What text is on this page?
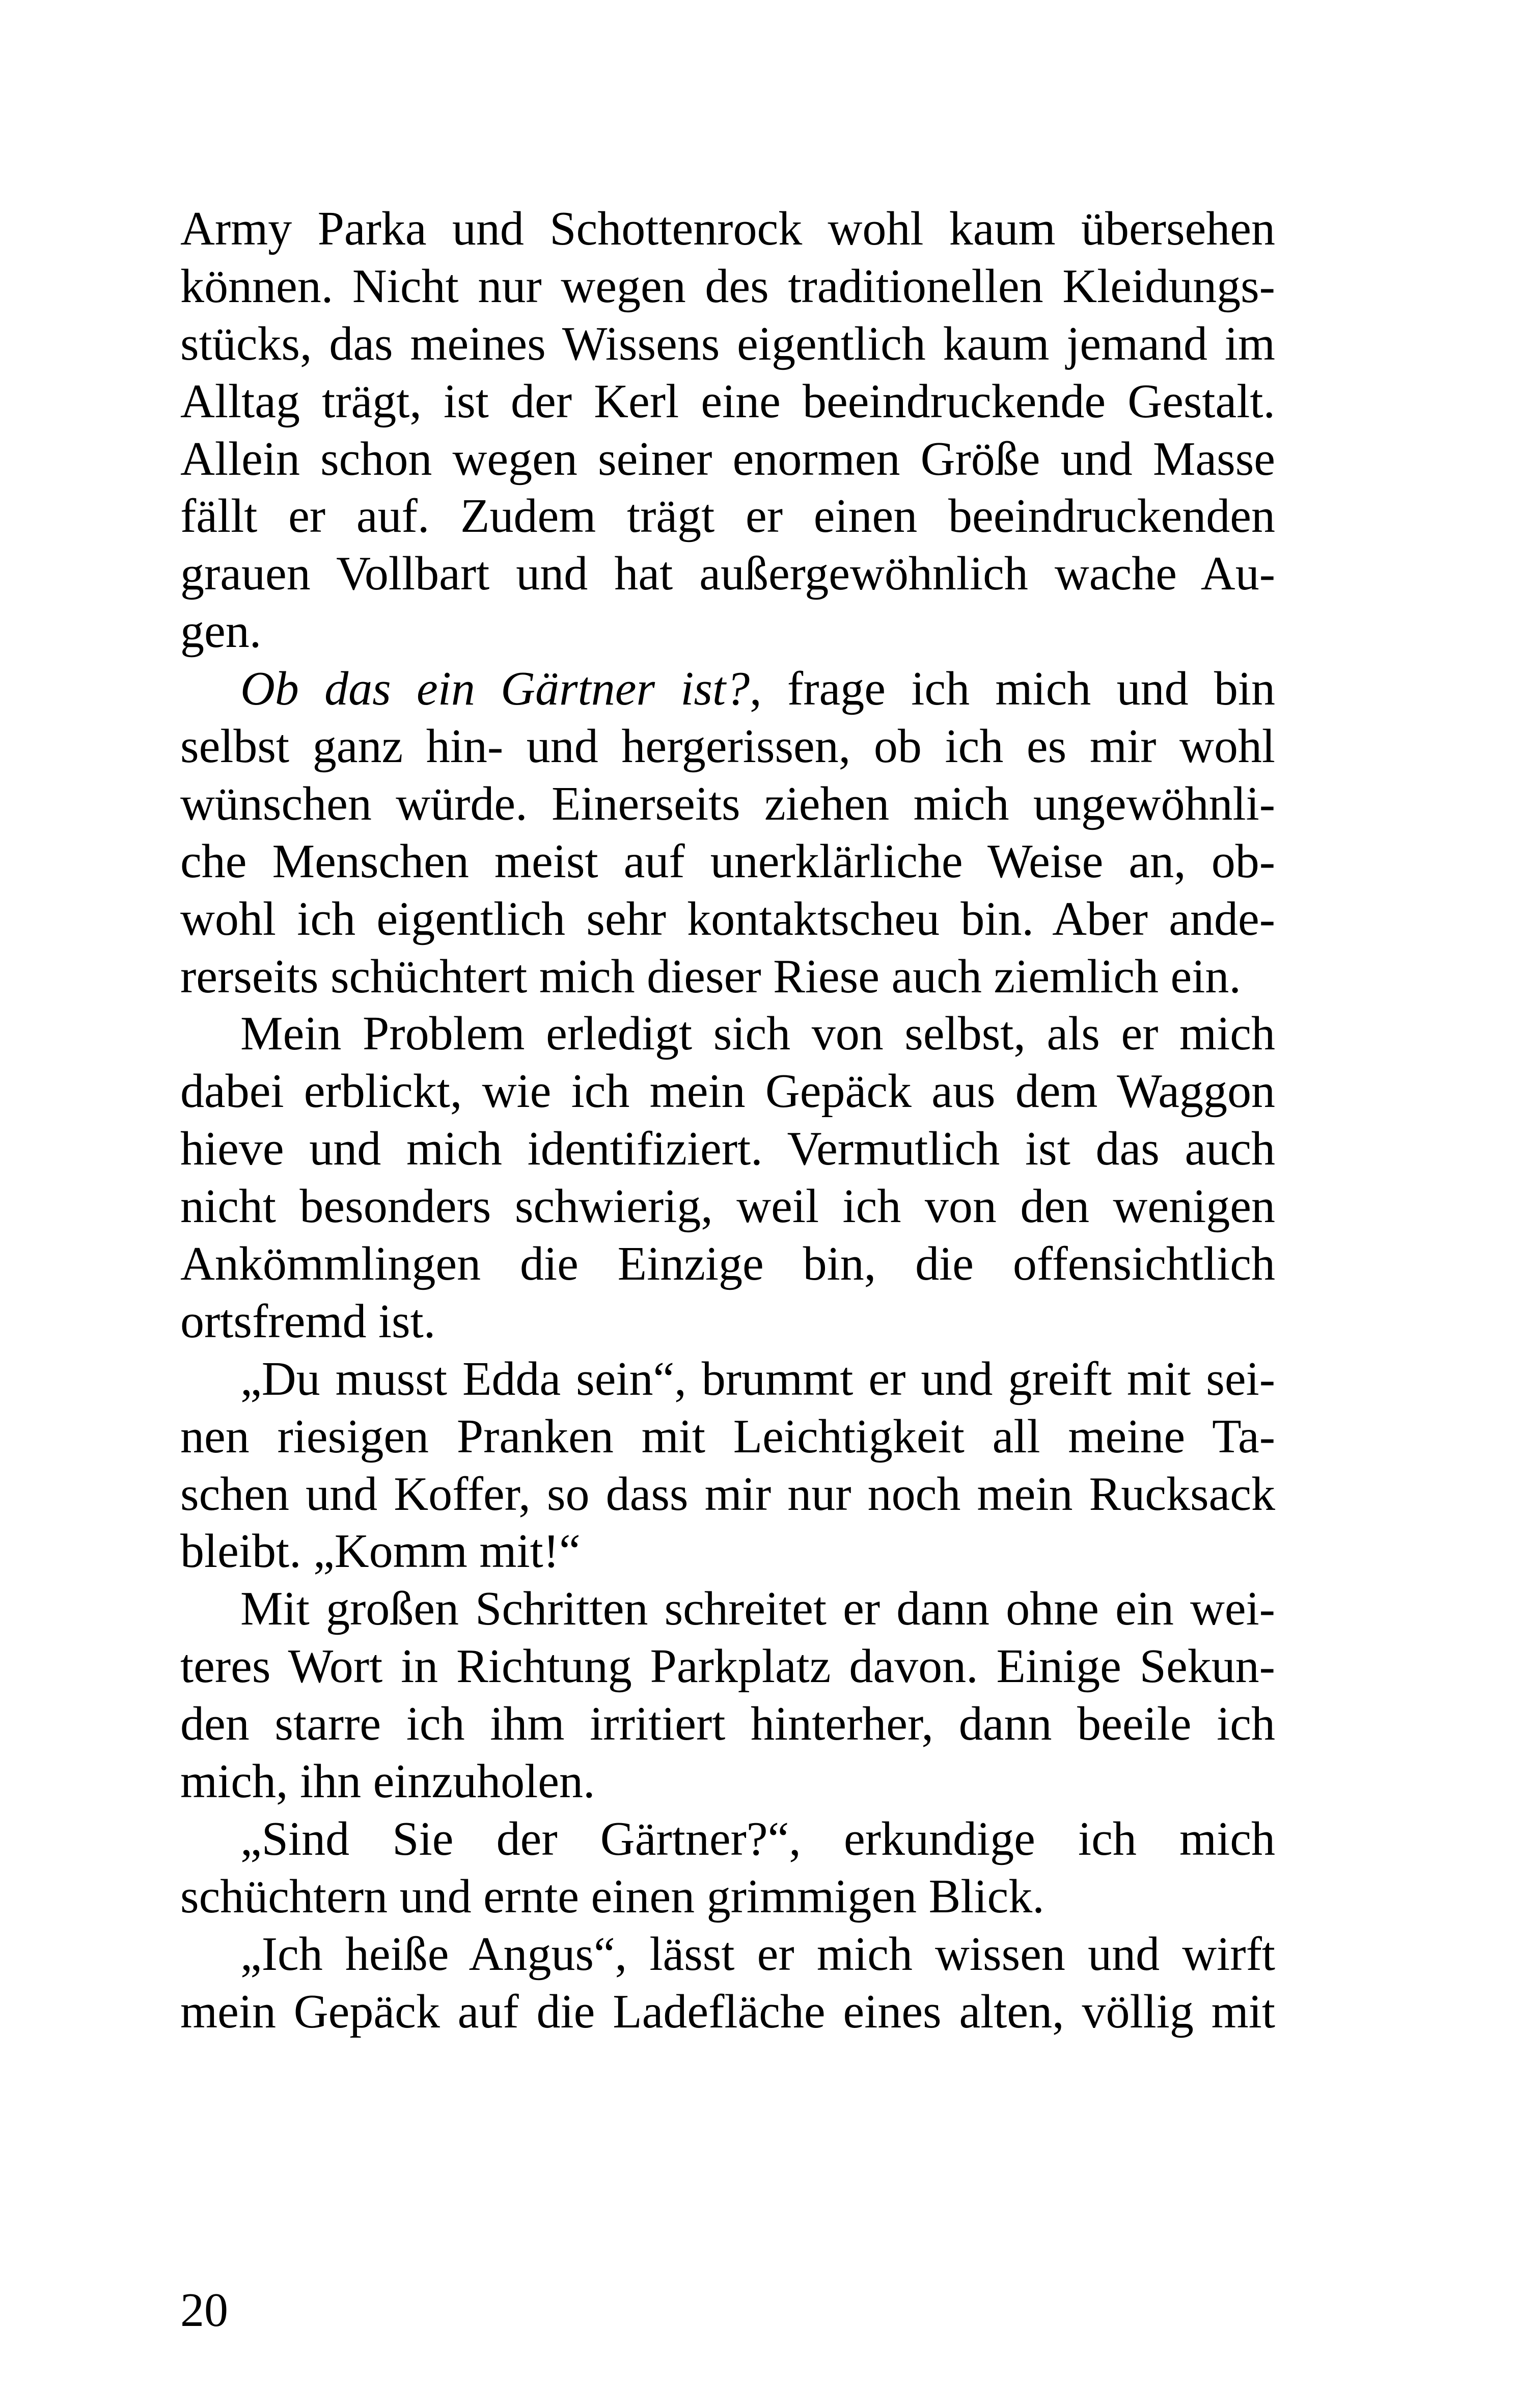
Army Parka und Schottenrock wohl kaum übersehen
können. Nicht nur wegen des traditionellen Kleidungs-
stücks, das meines Wissens eigentlich kaum jemand im
Alltag trägt, ist der Kerl eine beeindruckende Gestalt.
Allein schon wegen seiner enormen Größe und Masse
fällt er auf. Zudem trägt er einen beeindruckenden
grauen Vollbart und hat außergewöhnlich wache Au-
gen.
Ob das ein Gärtner ist?, frage ich mich und bin
selbst ganz hin- und hergerissen, ob ich es mir wohl
wünschen würde. Einerseits ziehen mich ungewöhnli-
che Menschen meist auf unerklärliche Weise an, ob-
wohl ich eigentlich sehr kontaktscheu bin. Aber ande-
rerseits schüchtert mich dieser Riese auch ziemlich ein.
Mein Problem erledigt sich von selbst, als er mich
dabei erblickt, wie ich mein Gepäck aus dem Waggon
hieve und mich identifiziert. Vermutlich ist das auch
nicht besonders schwierig, weil ich von den wenigen
Ankömmlingen die Einzige bin, die offensichtlich
ortsfremd ist.
„Du musst Edda sein“, brummt er und greift mit sei-
nen riesigen Pranken mit Leichtigkeit all meine Ta-
schen und Koffer, so dass mir nur noch mein Rucksack
bleibt. „Komm mit!“
Mit großen Schritten schreitet er dann ohne ein wei-
teres Wort in Richtung Parkplatz davon. Einige Sekun-
den starre ich ihm irritiert hinterher, dann beeile ich
mich, ihn einzuholen.
„Sind Sie der Gärtner?“, erkundige ich mich
schüchtern und ernte einen grimmigen Blick.
„Ich heiße Angus“, lässt er mich wissen und wirft
mein Gepäck auf die Ladefläche eines alten, völlig mit
20
